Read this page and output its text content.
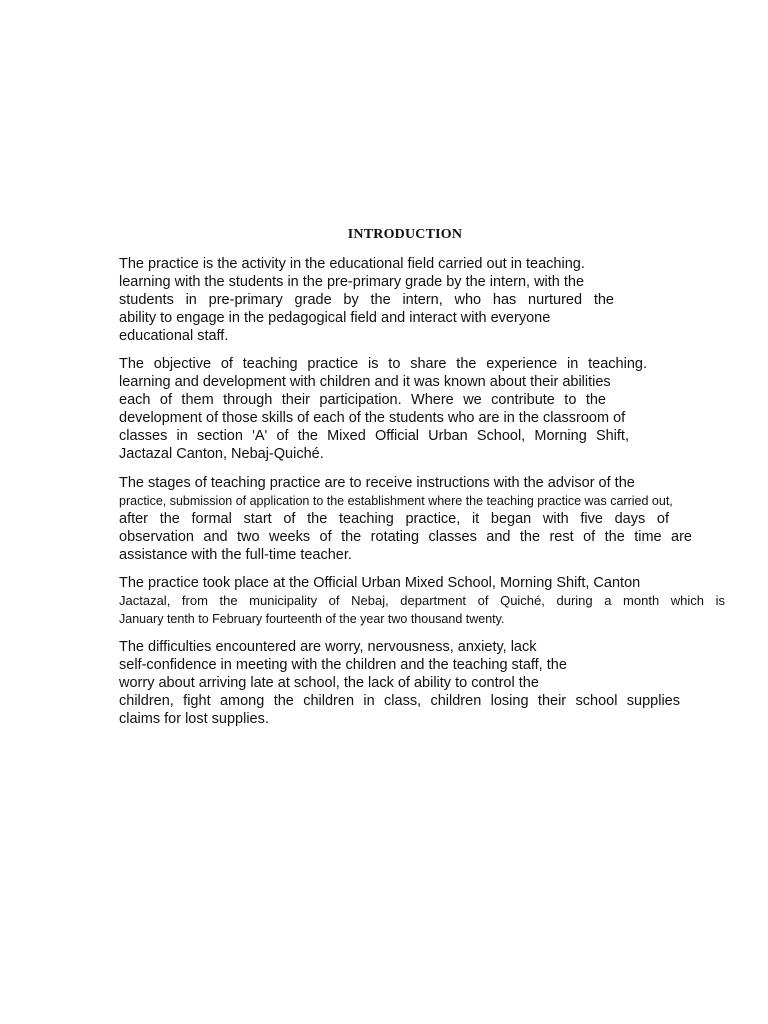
INTRODUCTION
The practice is the activity in the educational field carried out in teaching.
learning with the students in the pre-primary grade by the intern, with the
students in pre-primary grade by the intern, who has nurtured the
ability to engage in the pedagogical field and interact with everyone
educational staff.
The objective of teaching practice is to share the experience in teaching.
learning and development with children and it was known about their abilities
each of them through their participation. Where we contribute to the
development of those skills of each of the students who are in the classroom of
classes in section 'A' of the Mixed Official Urban School, Morning Shift,
Jactazal Canton, Nebaj-Quiché.
The stages of teaching practice are to receive instructions with the advisor of the
practice, submission of application to the establishment where the teaching practice was carried out,
after the formal start of the teaching practice, it began with five days of
observation and two weeks of the rotating classes and the rest of the time are
assistance with the full-time teacher.
The practice took place at the Official Urban Mixed School, Morning Shift, Canton
Jactazal, from the municipality of Nebaj, department of Quiché, during a month which is
January tenth to February fourteenth of the year two thousand twenty.
The difficulties encountered are worry, nervousness, anxiety, lack
self-confidence in meeting with the children and the teaching staff, the
worry about arriving late at school, the lack of ability to control the
children, fight among the children in class, children losing their school supplies
claims for lost supplies.
